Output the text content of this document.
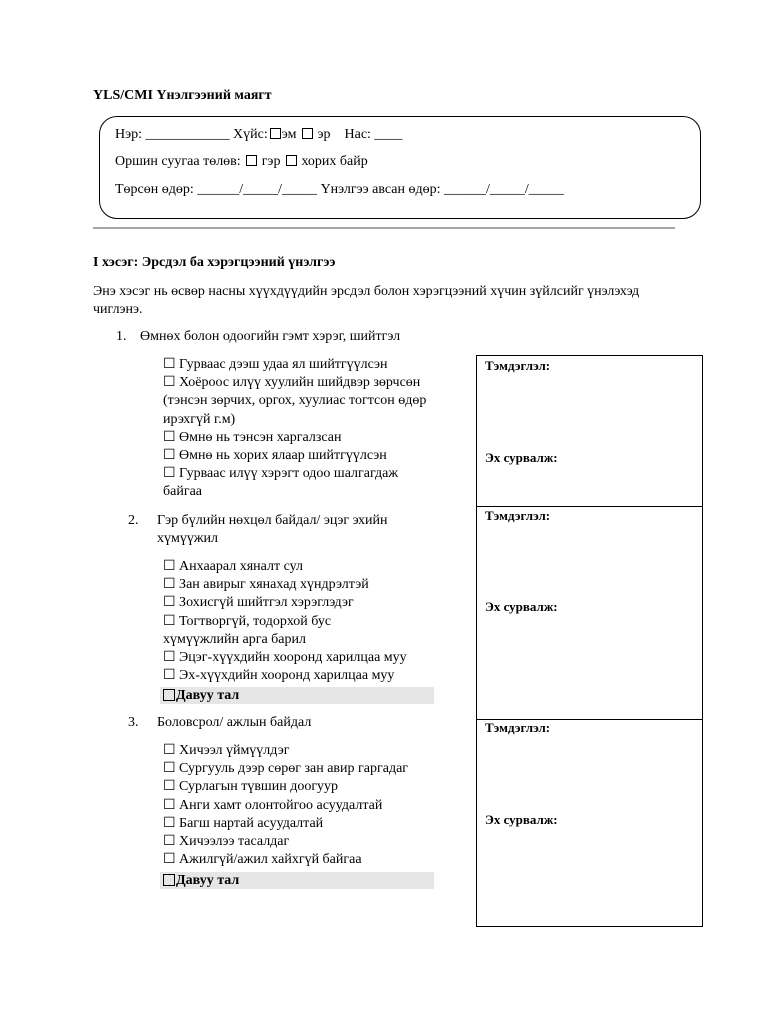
YLS/CMI Үнэлгээний маягт
Нэр: ____________ Хүйс: эм эр Нас: ____
Оршин суугаа төлөв: гэр хорих байр
Төрсөн өдөр: ______/_____/_____ Үнэлгээ авсан өдөр: ______/_____/_____
I хэсэг: Эрсдэл ба хэрэгцээний үнэлгээ
Энэ хэсэг нь өсвөр насны хүүхдүүдийн эрсдэл болон хэрэгцээний хүчин зүйлсийг үнэлэхэд чиглэнэ.
1. Өмнөх болон одоогийн гэмт хэрэг, шийтгэл
☐ Гурваас дээш удаа ял шийтгүүлсэн
☐ Хоёроос илүү хуулийн шийдвэр зөрчсөн
(тэнсэн зөрчих, оргох, хуулиас тогтсон өдөр
ирэхгүй г.м)
☐ Өмнө нь тэнсэн харгалзсан
☐ Өмнө нь хорих ялаар шийтгүүлсэн
☐ Гурваас илүү хэрэгт одоо шалгагдаж
байгаа
2. Гэр бүлийн нөхцөл байдал/ эцэг эхийн
хүмүүжил
☐ Анхаарал хяналт сул
☐ Зан авирыг хянахад хүндрэлтэй
☐ Зохисгүй шийтгэл хэрэглэдэг
☐ Тогтворгүй, тодорхой бус
хүмүүжлийн арга барил
☐ Эцэг-хүүхдийн хооронд харилцаа муу
☐ Эх-хүүхдийн хооронд харилцаа муу
Давуу тал
3. Боловсрол/ ажлын байдал
☐ Хичээл үймүүлдэг
☐ Сургууль дээр сөрөг зан авир гаргадаг
☐ Сурлагын түвшин доогуур
☐ Анги хамт олонтойгоо асуудалтай
☐ Багш нартай асуудалтай
☐ Хичээлээ тасалдаг
☐ Ажилгүй/ажил хайхгүй байгаа
Давуу тал
Тэмдэглэл:
Эх сурвалж:
Тэмдэглэл:
Эх сурвалж:
Тэмдэглэл:
Эх сурвалж:
